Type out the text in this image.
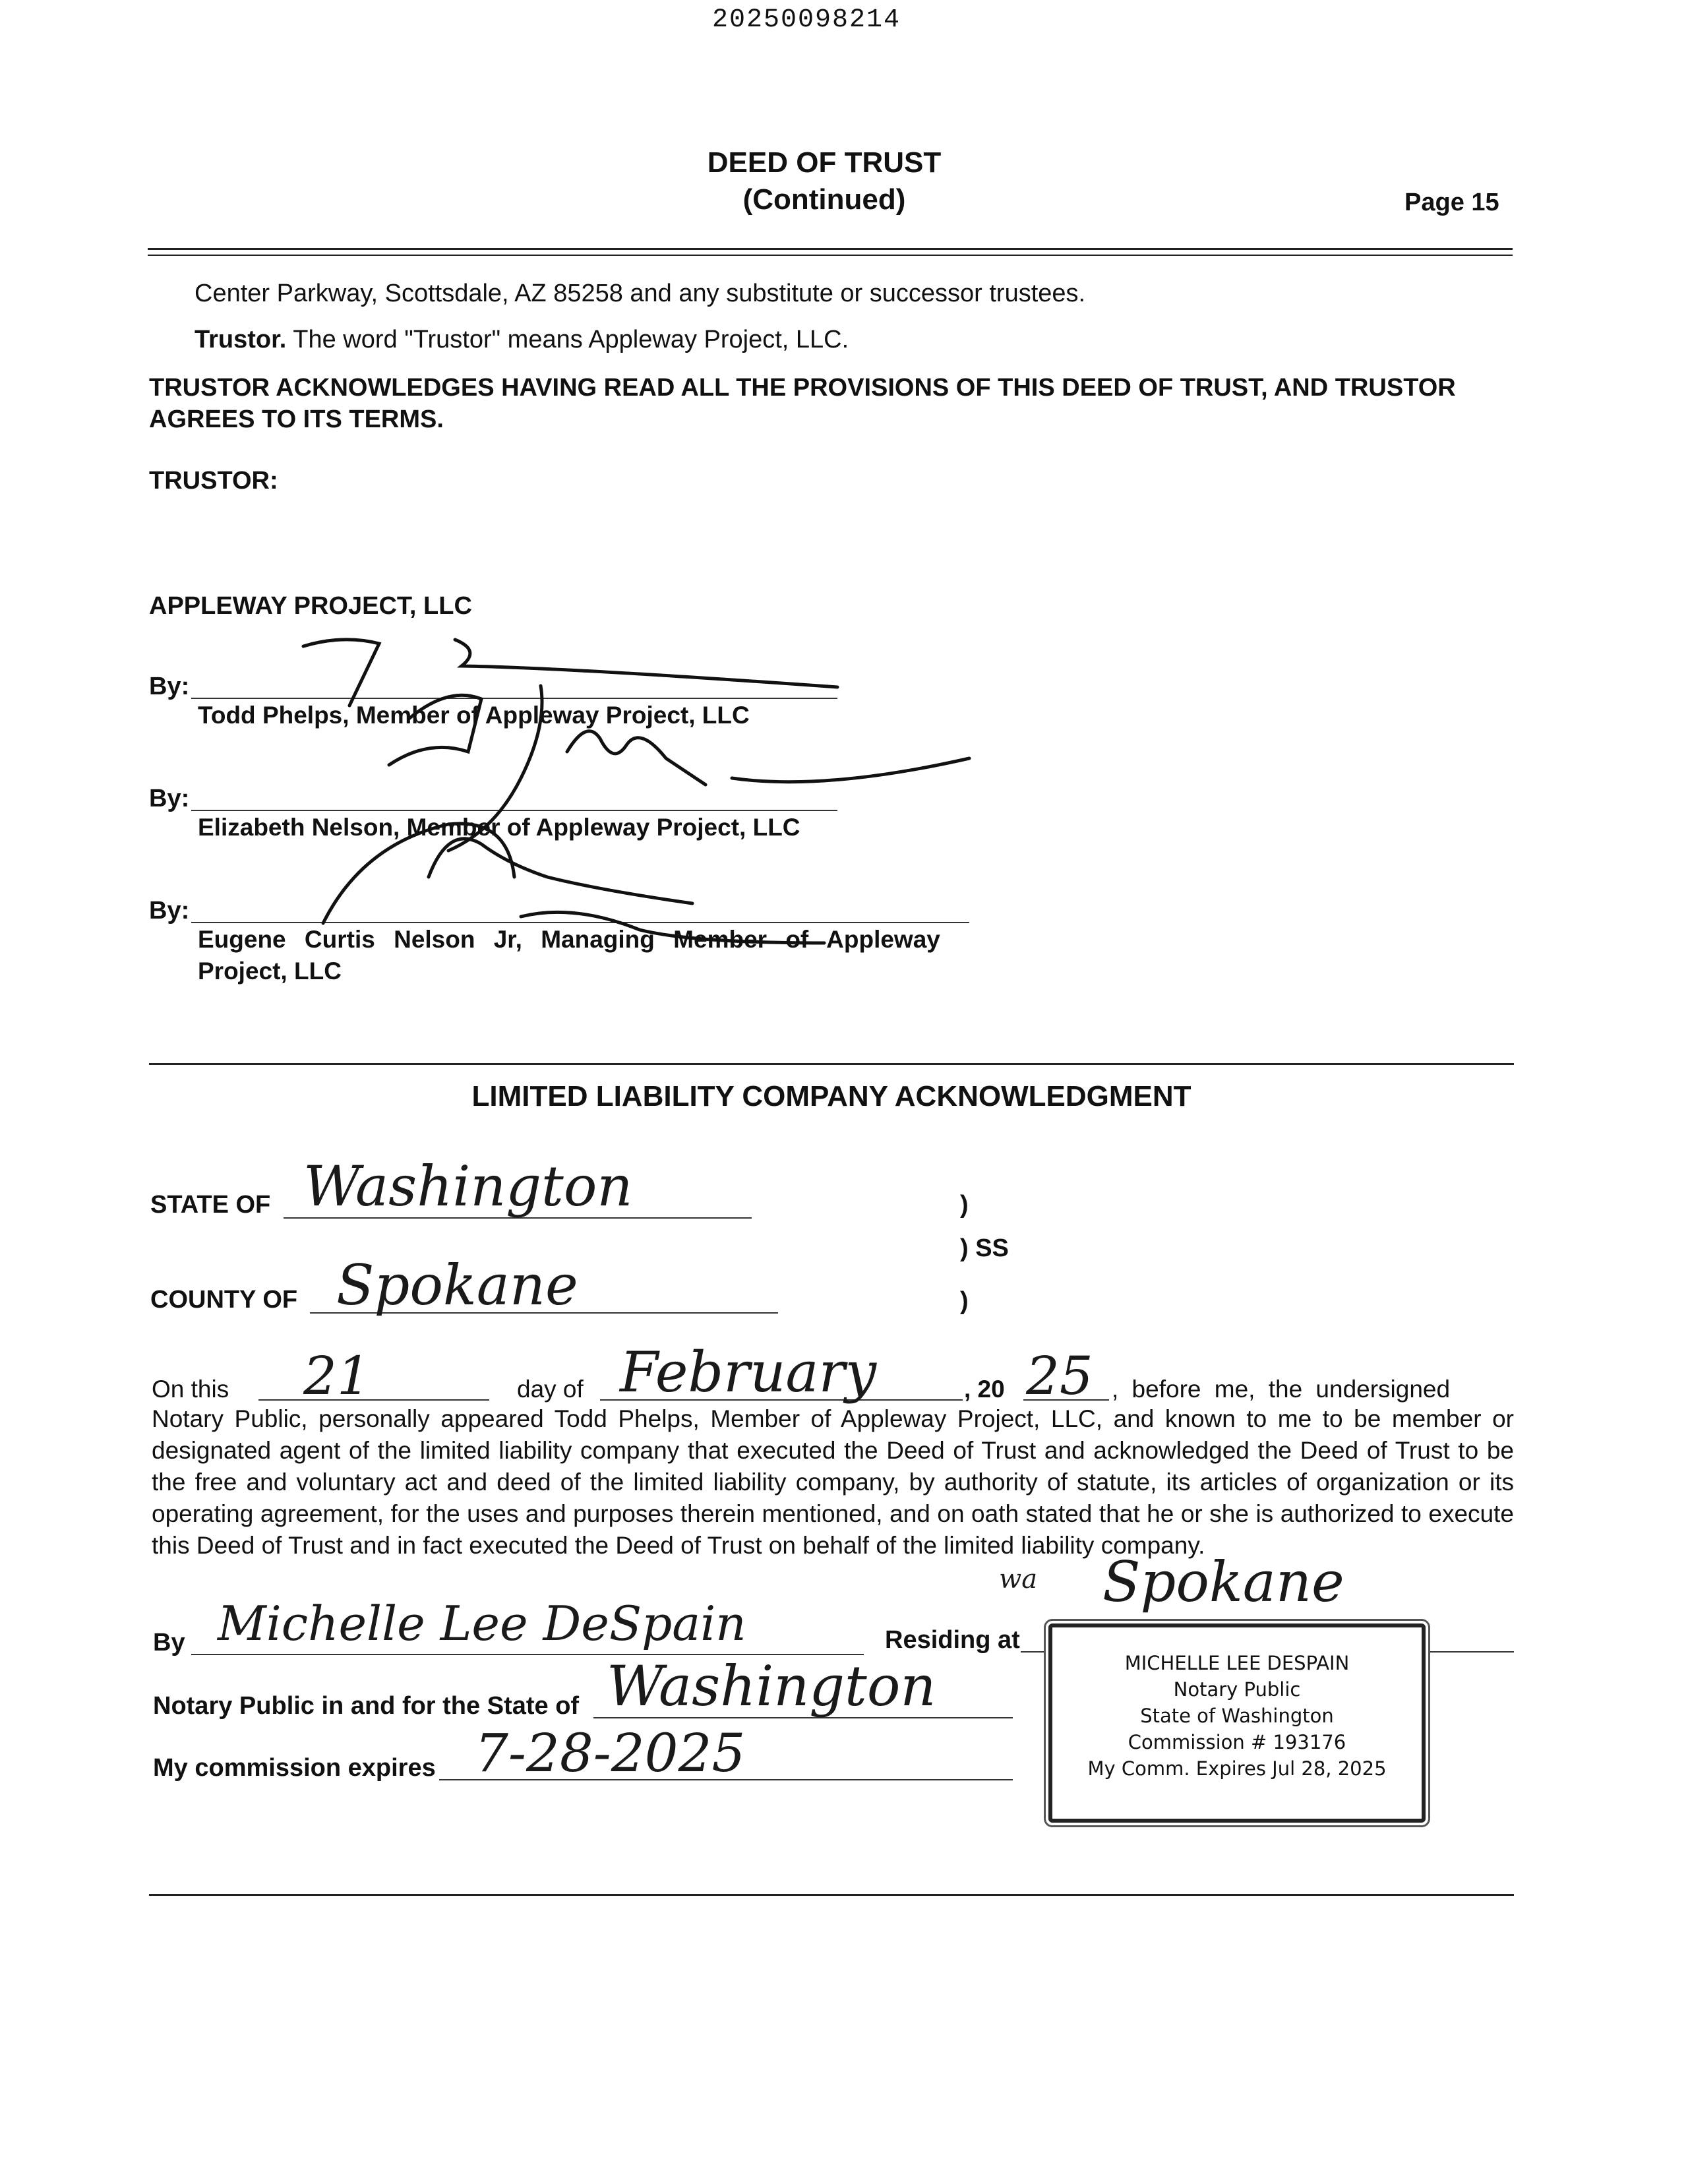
20250098214
DEED OF TRUST
(Continued)	Page 15
Center Parkway, Scottsdale, AZ 85258 and any substitute or successor trustees.
Trustor. The word "Trustor" means Appleway Project, LLC.
TRUSTOR ACKNOWLEDGES HAVING READ ALL THE PROVISIONS OF THIS DEED OF TRUST, AND TRUSTOR AGREES TO ITS TERMS.
TRUSTOR:
APPLEWAY PROJECT, LLC
By:
Todd Phelps, Member of Appleway Project, LLC
By:
Elizabeth Nelson, Member of Appleway Project, LLC
By:
Eugene Curtis Nelson Jr, Managing Member of Appleway
Project, LLC
LIMITED LIABILITY COMPANY ACKNOWLEDGMENT
STATE OF Washington
COUNTY OF Spokane
)
) SS
)
On this 21	day of February	, 20 25 , before me, the undersigned
Notary Public, personally appeared Todd Phelps, Member of Appleway Project, LLC, and known to me to be member or designated agent of the limited liability company that executed the Deed of Trust and acknowledged the Deed of Trust to be the free and voluntary act and deed of the limited liability company, by authority of statute, its articles of organization or its operating agreement, for the uses and purposes therein mentioned, and on oath stated that he or she is authorized to execute this Deed of Trust and in fact executed the Deed of Trust on behalf of the limited liability company.
wa Spokane
By Michelle Lee DeSpain	Residing at
Notary Public in and for the State of Washington
My commission expires 7-28-2025
MICHELLE LEE DESPAIN
Notary Public
State of Washington
Commission # 193176
My Comm. Expires Jul 28, 2025
